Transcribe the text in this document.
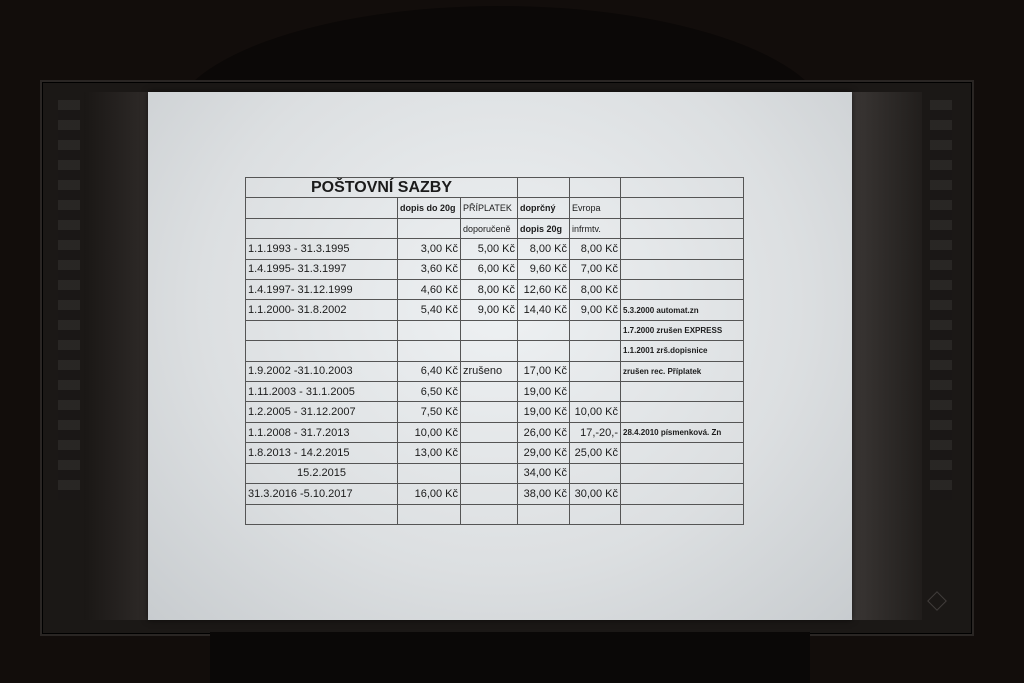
POŠTOVNÍ SAZBY					
	dopis do 20g	PŘÍPLATEK	doprčný	Evropa	
		doporučeně	dopis 20g	infrmtv.	
1.1.1993 - 31.3.1995	3,00 Kč	5,00 Kč	8,00 Kč	8,00 Kč	
1.4.1995- 31.3.1997	3,60 Kč	6,00 Kč	9,60 Kč	7,00 Kč	
1.4.1997- 31.12.1999	4,60 Kč	8,00 Kč	12,60 Kč	8,00 Kč	
1.1.2000- 31.8.2002	5,40 Kč	9,00 Kč	14,40 Kč	9,00 Kč	5.3.2000 automat.zn
					1.7.2000 zrušen EXPRESS
					1.1.2001 zrš.dopisnice
1.9.2002 -31.10.2003	6,40 Kč	zrušeno	17,00 Kč		zrušen rec. Příplatek
1.11.2003 - 31.1.2005	6,50 Kč		19,00 Kč		
1.2.2005 - 31.12.2007	7,50 Kč		19,00 Kč	10,00 Kč	
1.1.2008 - 31.7.2013	10,00 Kč		26,00 Kč	17,-20,-	28.4.2010 písmenková. Zn
1.8.2013 - 14.2.2015	13,00 Kč		29,00 Kč	25,00 Kč	
15.2.2015			34,00 Kč		
31.3.2016 -5.10.2017	16,00 Kč		38,00 Kč	30,00 Kč	
